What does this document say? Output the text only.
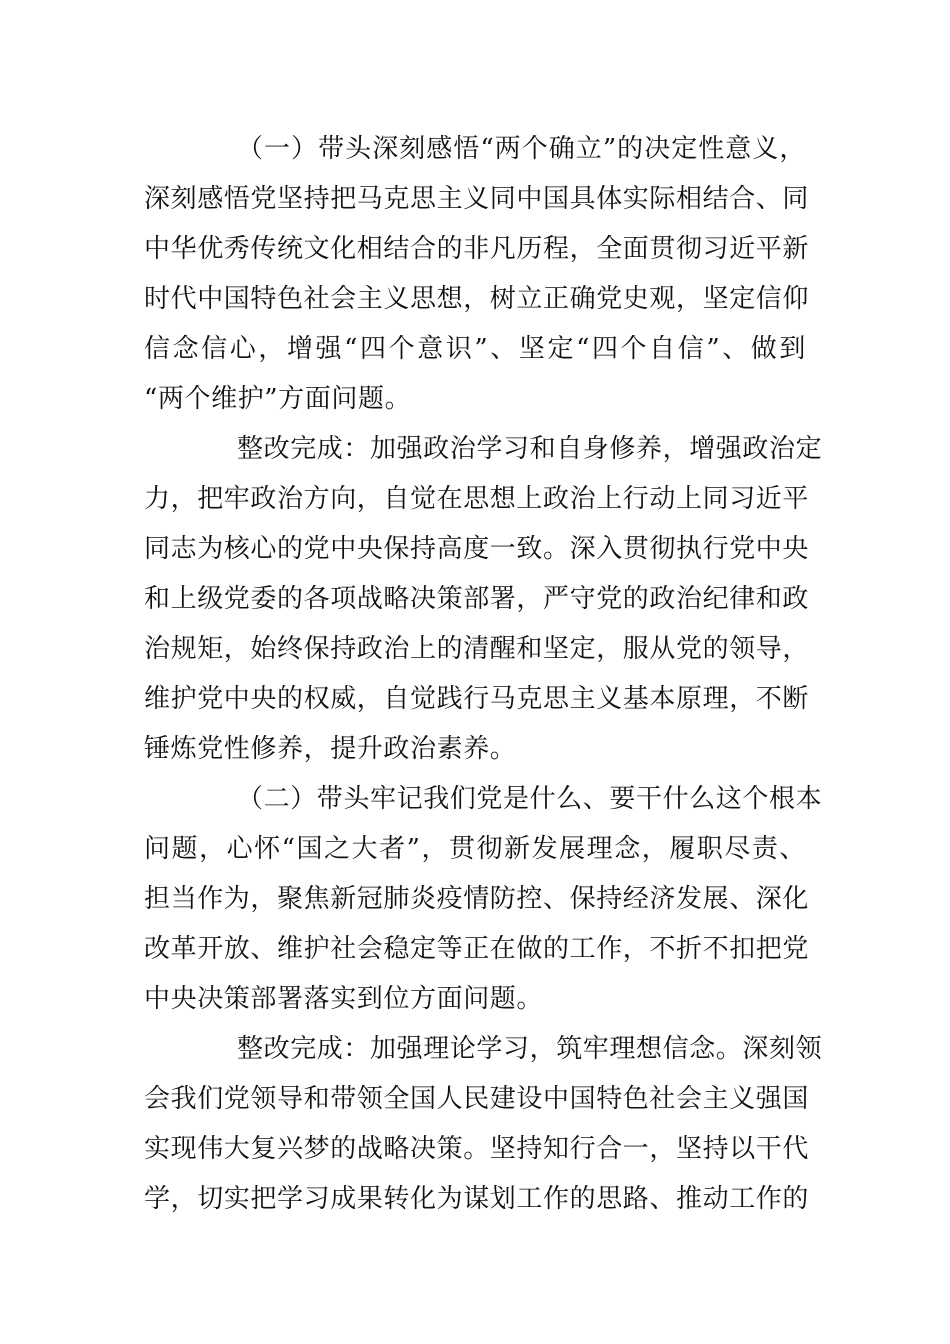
（一）带头深刻感悟“两个确立”的决定性意义，
深刻感悟党坚持把马克思主义同中国具体实际相结合、同
中华优秀传统文化相结合的非凡历程，全面贯彻习近平新
时代中国特色社会主义思想，树立正确党史观，坚定信仰
信念信心，增强“四个意识”、坚定“四个自信”、做到
“两个维护”方面问题。
整改完成：加强政治学习和自身修养，增强政治定
力，把牢政治方向，自觉在思想上政治上行动上同习近平
同志为核心的党中央保持高度一致。深入贯彻执行党中央
和上级党委的各项战略决策部署，严守党的政治纪律和政
治规矩，始终保持政治上的清醒和坚定，服从党的领导，
维护党中央的权威，自觉践行马克思主义基本原理，不断
锤炼党性修养，提升政治素养。
（二）带头牢记我们党是什么、要干什么这个根本
问题，心怀“国之大者”，贯彻新发展理念，履职尽责、
担当作为，聚焦新冠肺炎疫情防控、保持经济发展、深化
改革开放、维护社会稳定等正在做的工作，不折不扣把党
中央决策部署落实到位方面问题。
整改完成：加强理论学习，筑牢理想信念。深刻领
会我们党领导和带领全国人民建设中国特色社会主义强国
实现伟大复兴梦的战略决策。坚持知行合一，坚持以干代
学，切实把学习成果转化为谋划工作的思路、推动工作的
